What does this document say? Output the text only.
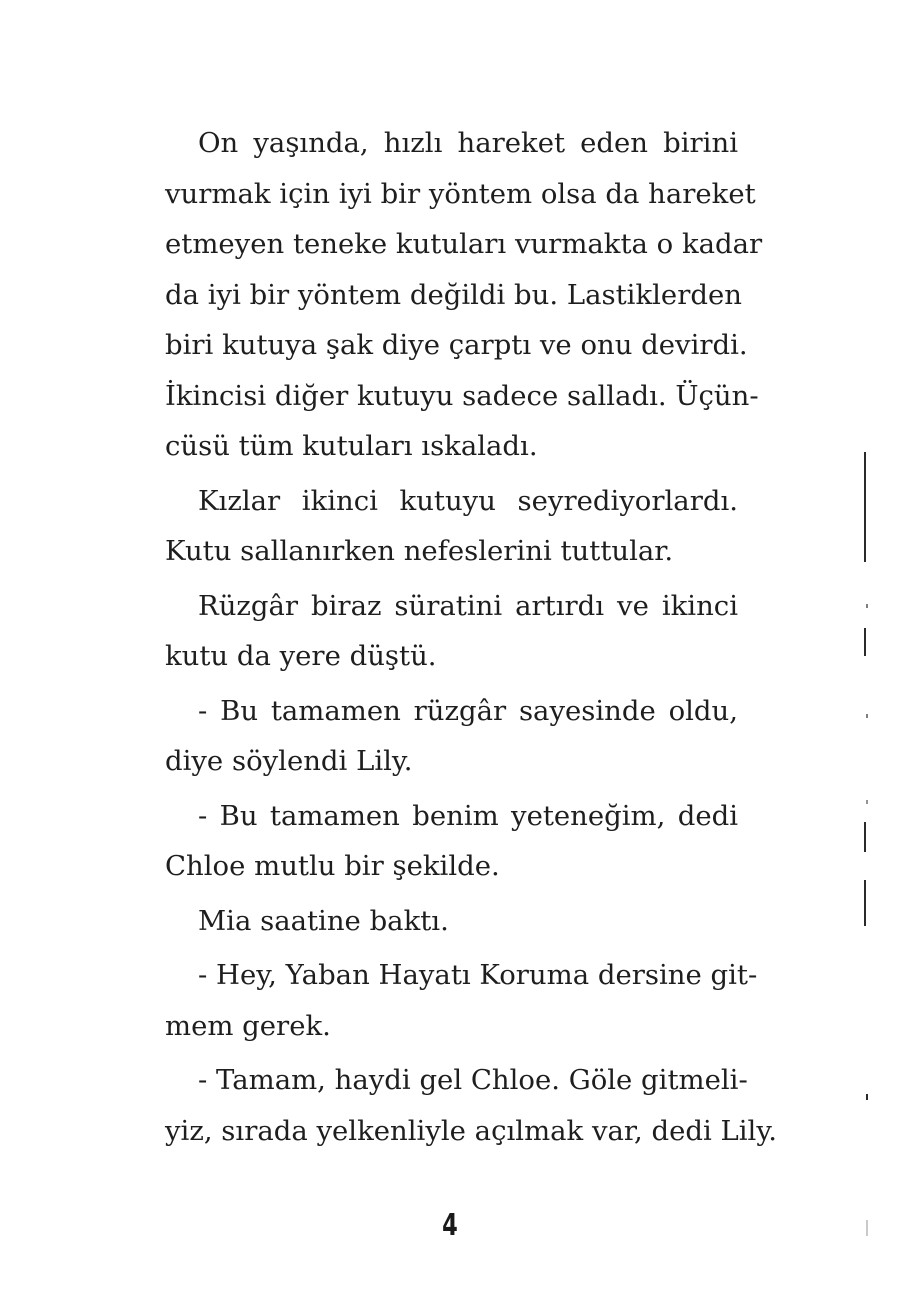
On yaşında, hızlı hareket eden birini
vurmak için iyi bir yöntem olsa da hareket
etmeyen teneke kutuları vurmakta o kadar
da iyi bir yöntem değildi bu. Lastiklerden
biri kutuya şak diye çarptı ve onu devirdi.
İkincisi diğer kutuyu sadece salladı. Üçün-
cüsü tüm kutuları ıskaladı.

Kızlar ikinci kutuyu seyrediyorlardı.
Kutu sallanırken nefeslerini tuttular.

Rüzgâr biraz süratini artırdı ve ikinci
kutu da yere düştü.

- Bu tamamen rüzgâr sayesinde oldu,
diye söylendi Lily.

- Bu tamamen benim yeteneğim, dedi
Chloe mutlu bir şekilde.

Mia saatine baktı.

- Hey, Yaban Hayatı Koruma dersine git-
mem gerek.

- Tamam, haydi gel Chloe. Göle gitmeli-
yiz, sırada yelkenliyle açılmak var, dedi Lily.

4
